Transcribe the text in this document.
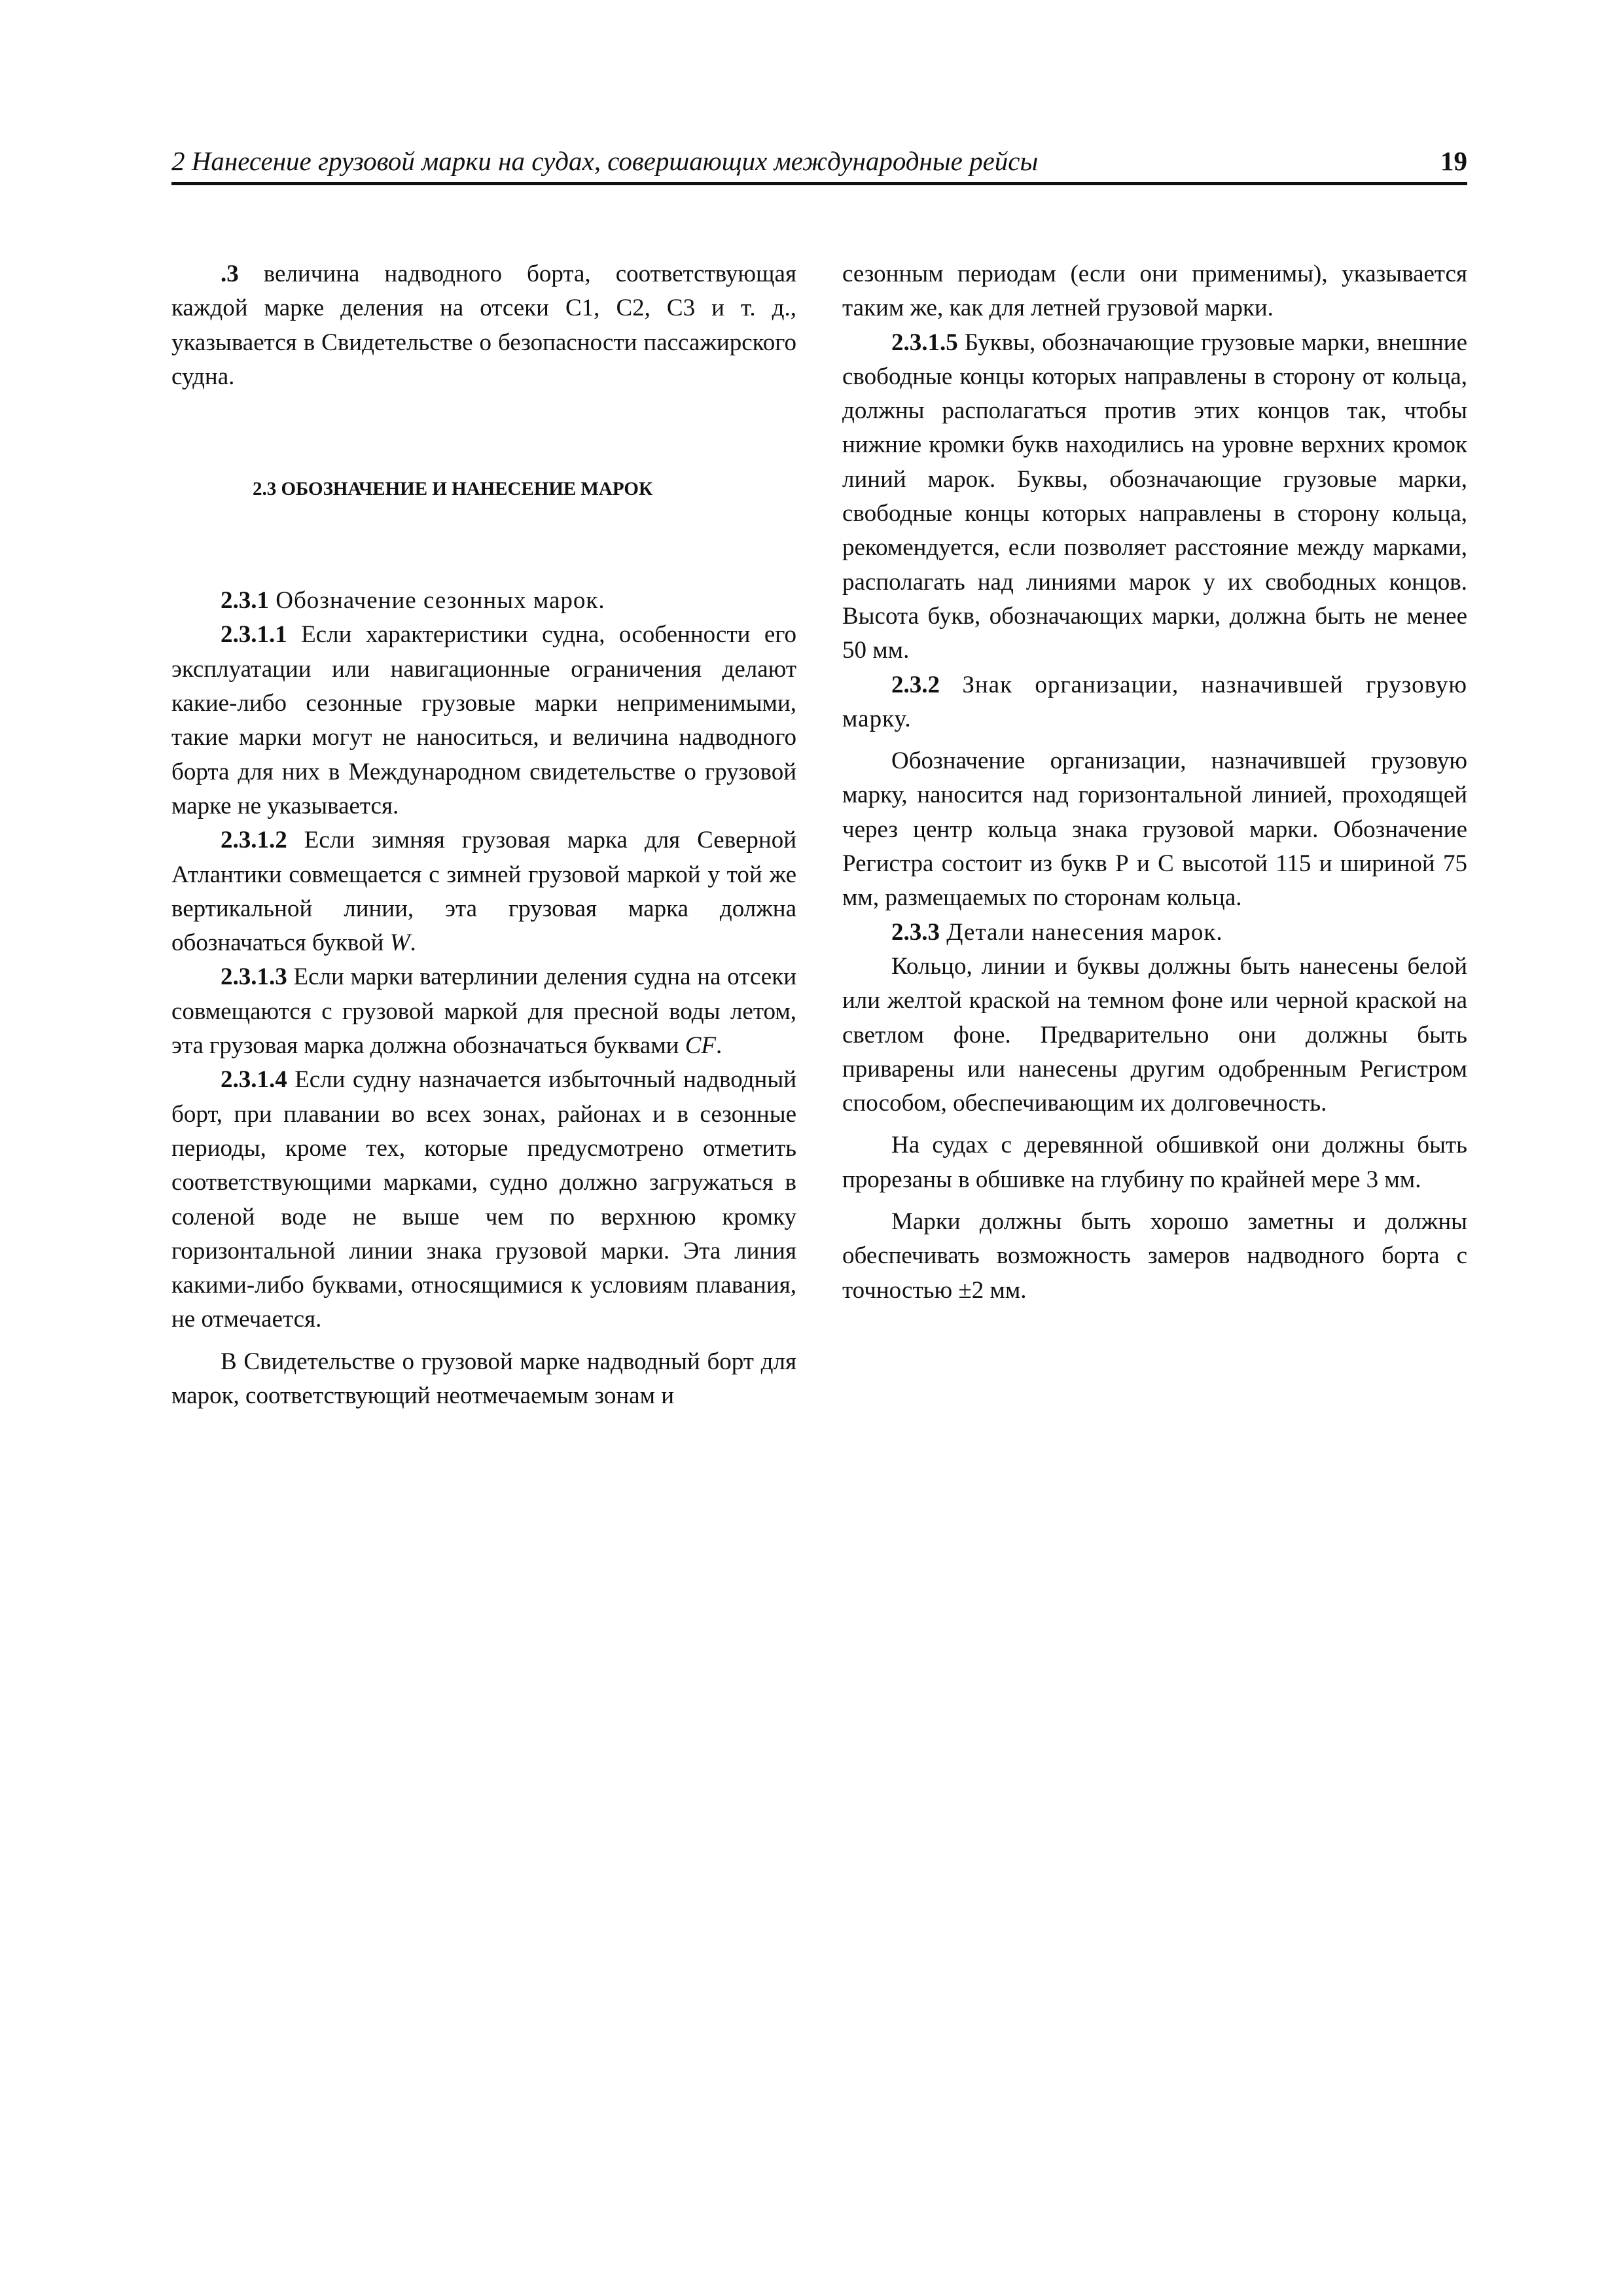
2 Нанесение грузовой марки на судах, совершающих международные рейсы	19

.3 величина надводного борта, соответствующая каждой марке деления на отсеки С1, С2, С3 и т. д., указывается в Свидетельстве о безопасности пассажирского судна.

2.3 ОБОЗНАЧЕНИЕ И НАНЕСЕНИЕ МАРОК

2.3.1 Обозначение сезонных марок.

2.3.1.1 Если характеристики судна, особенности его эксплуатации или навигационные ограничения делают какие-либо сезонные грузовые марки неприменимыми, такие марки могут не наноситься, и величина надводного борта для них в Международном свидетельстве о грузовой марке не указывается.

2.3.1.2 Если зимняя грузовая марка для Северной Атлантики совмещается с зимней грузовой маркой у той же вертикальной линии, эта грузовая марка должна обозначаться буквой W.

2.3.1.3 Если марки ватерлинии деления судна на отсеки совмещаются с грузовой маркой для пресной воды летом, эта грузовая марка должна обозначаться буквами CF.

2.3.1.4 Если судну назначается избыточный надводный борт, при плавании во всех зонах, районах и в сезонные периоды, кроме тех, которые предусмотрено отметить соответствующими марками, судно должно загружаться в соленой воде не выше чем по верхнюю кромку горизонтальной линии знака грузовой марки. Эта линия какими-либо буквами, относящимися к условиям плавания, не отмечается.

В Свидетельстве о грузовой марке надводный борт для марок, соответствующий неотмечаемым зонам и

сезонным периодам (если они применимы), указывается таким же, как для летней грузовой марки.

2.3.1.5 Буквы, обозначающие грузовые марки, внешние свободные концы которых направлены в сторону от кольца, должны располагаться против этих концов так, чтобы нижние кромки букв находились на уровне верхних кромок линий марок. Буквы, обозначающие грузовые марки, свободные концы которых направлены в сторону кольца, рекомендуется, если позволяет расстояние между марками, располагать над линиями марок у их свободных концов. Высота букв, обозначающих марки, должна быть не менее 50 мм.

2.3.2 Знак организации, назначившей грузовую марку.

Обозначение организации, назначившей грузовую марку, наносится над горизонтальной линией, проходящей через центр кольца знака грузовой марки. Обозначение Регистра состоит из букв Р и С высотой 115 и шириной 75 мм, размещаемых по сторонам кольца.

2.3.3 Детали нанесения марок.

Кольцо, линии и буквы должны быть нанесены белой или желтой краской на темном фоне или черной краской на светлом фоне. Предварительно они должны быть приварены или нанесены другим одобренным Регистром способом, обеспечивающим их долговечность.

На судах с деревянной обшивкой они должны быть прорезаны в обшивке на глубину по крайней мере 3 мм.

Марки должны быть хорошо заметны и должны обеспечивать возможность замеров надводного борта с точностью ±2 мм.
